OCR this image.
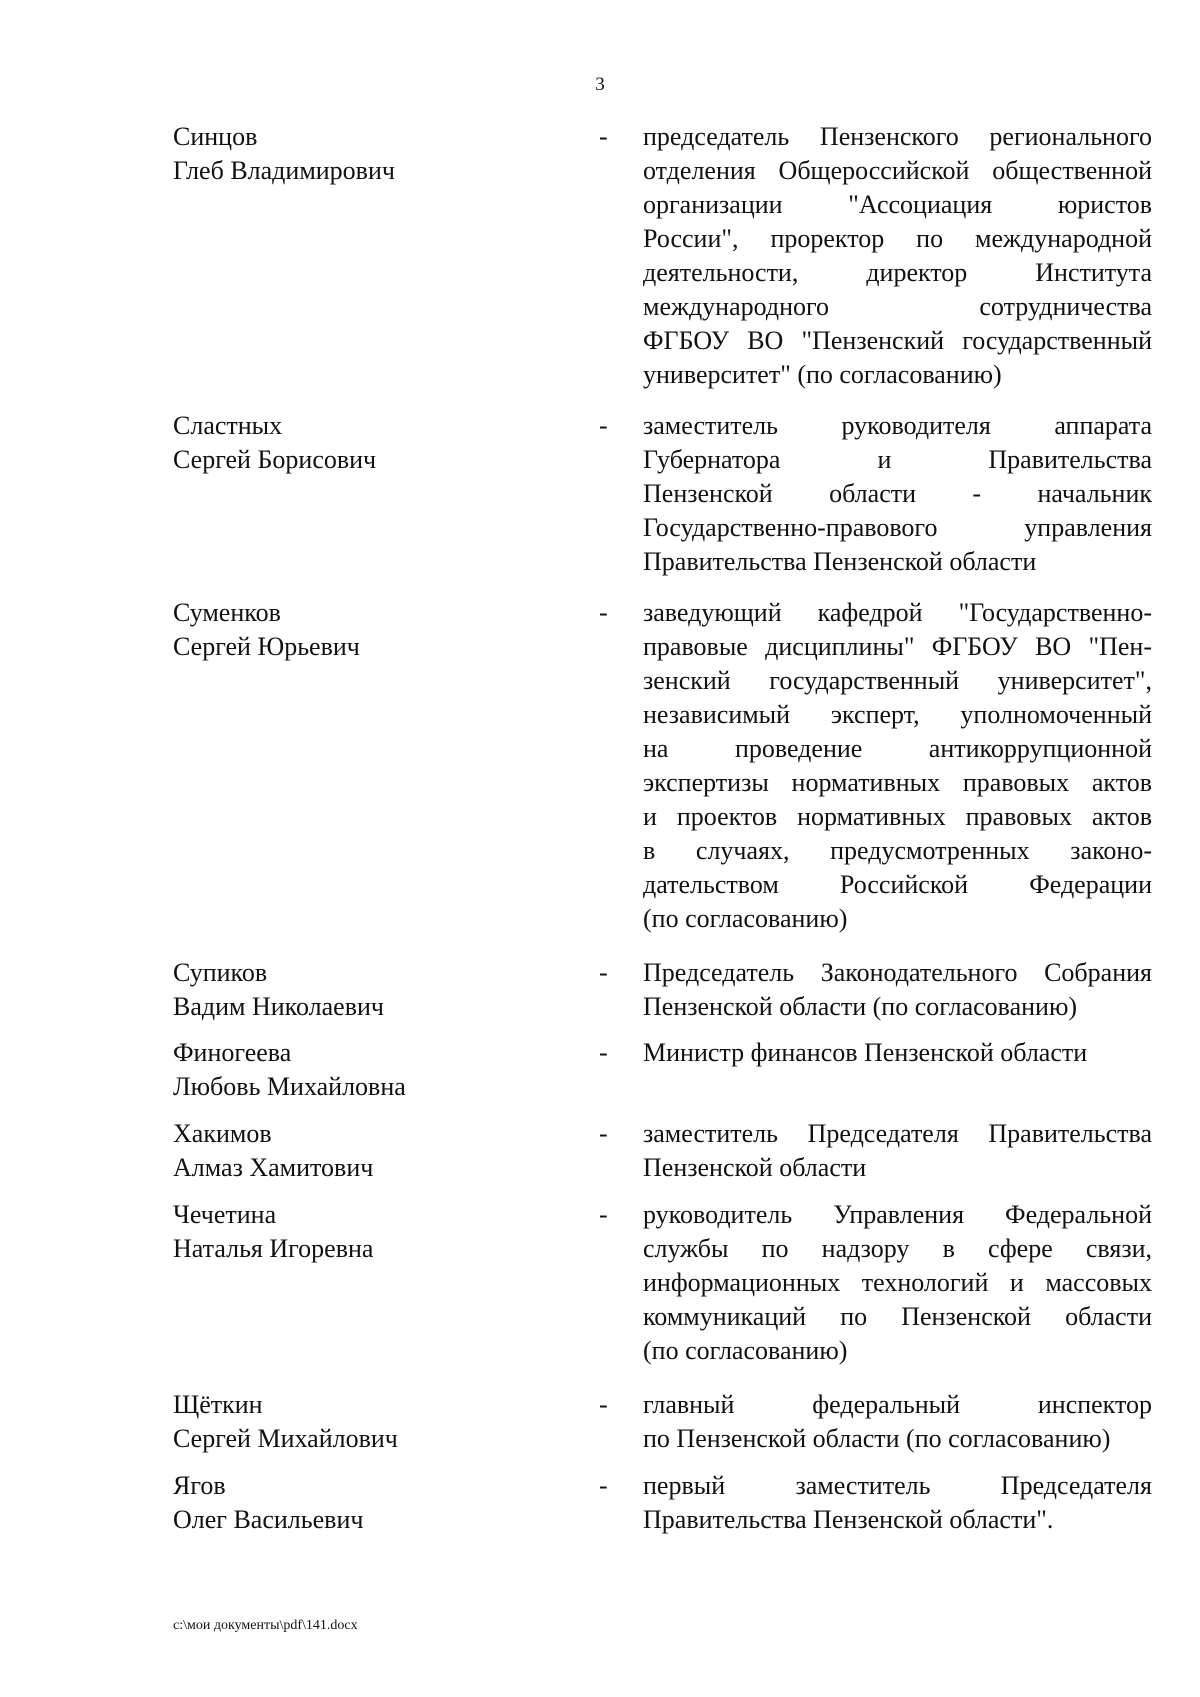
3
Синцов
Глеб Владимирович
-	председатель Пензенского регионального
отделения Общероссийской общественной
организации "Ассоциация юристов
России", проректор по международной
деятельности, директор Института
международного сотрудничества
ФГБОУ ВО "Пензенский государственный
университет" (по согласованию)
Сластных
Сергей Борисович
-	заместитель руководителя аппарата
Губернатора и Правительства
Пензенской области - начальник
Государственно-правового управления
Правительства Пензенской области
Суменков
Сергей Юрьевич
-	заведующий кафедрой "Государственно-
правовые дисциплины" ФГБОУ ВО "Пен-
зенский государственный университет",
независимый эксперт, уполномоченный
на проведение антикоррупционной
экспертизы нормативных правовых актов
и проектов нормативных правовых актов
в случаях, предусмотренных законо-
дательством Российской Федерации
(по согласованию)
Супиков
Вадим Николаевич
-	Председатель Законодательного Собрания
Пензенской области (по согласованию)
Финогеева
Любовь Михайловна
-	Министр финансов Пензенской области
Хакимов
Алмаз Хамитович
-	заместитель Председателя Правительства
Пензенской области
Чечетина
Наталья Игоревна
-	руководитель Управления Федеральной
службы по надзору в сфере связи,
информационных технологий и массовых
коммуникаций по Пензенской области
(по согласованию)
Щёткин
Сергей Михайлович
-	главный федеральный инспектор
по Пензенской области (по согласованию)
Ягов
Олег Васильевич
-	первый заместитель Председателя
Правительства Пензенской области".
c:\мои документы\pdf\141.docx
